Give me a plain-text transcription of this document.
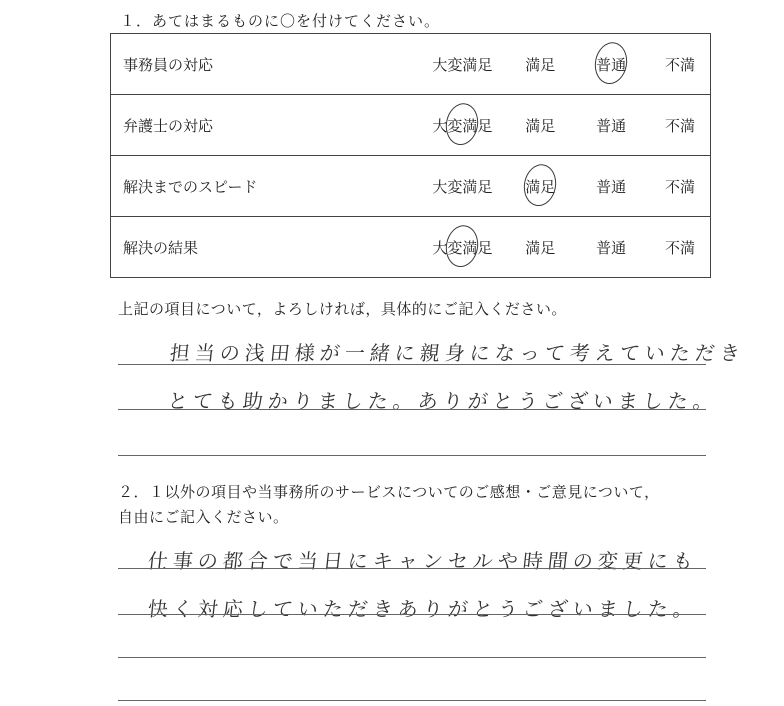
１．あてはまるものに〇を付けてください。
事務員の対応	大変満足	満足	普通	不満
弁護士の対応	大変満足	満足	普通	不満
解決までのスピード	大変満足	満足	普通	不満
解決の結果	大変満足	満足	普通	不満
上記の項目について，よろしければ，具体的にご記入ください。
担当の浅田様が一緒に親身になって考えていただき
とても助かりました。ありがとうございました。
２．１以外の項目や当事務所のサービスについてのご感想・ご意見について，
自由にご記入ください。
仕事の都合で当日にキャンセルや時間の変更にも
快く対応していただきありがとうございました。
